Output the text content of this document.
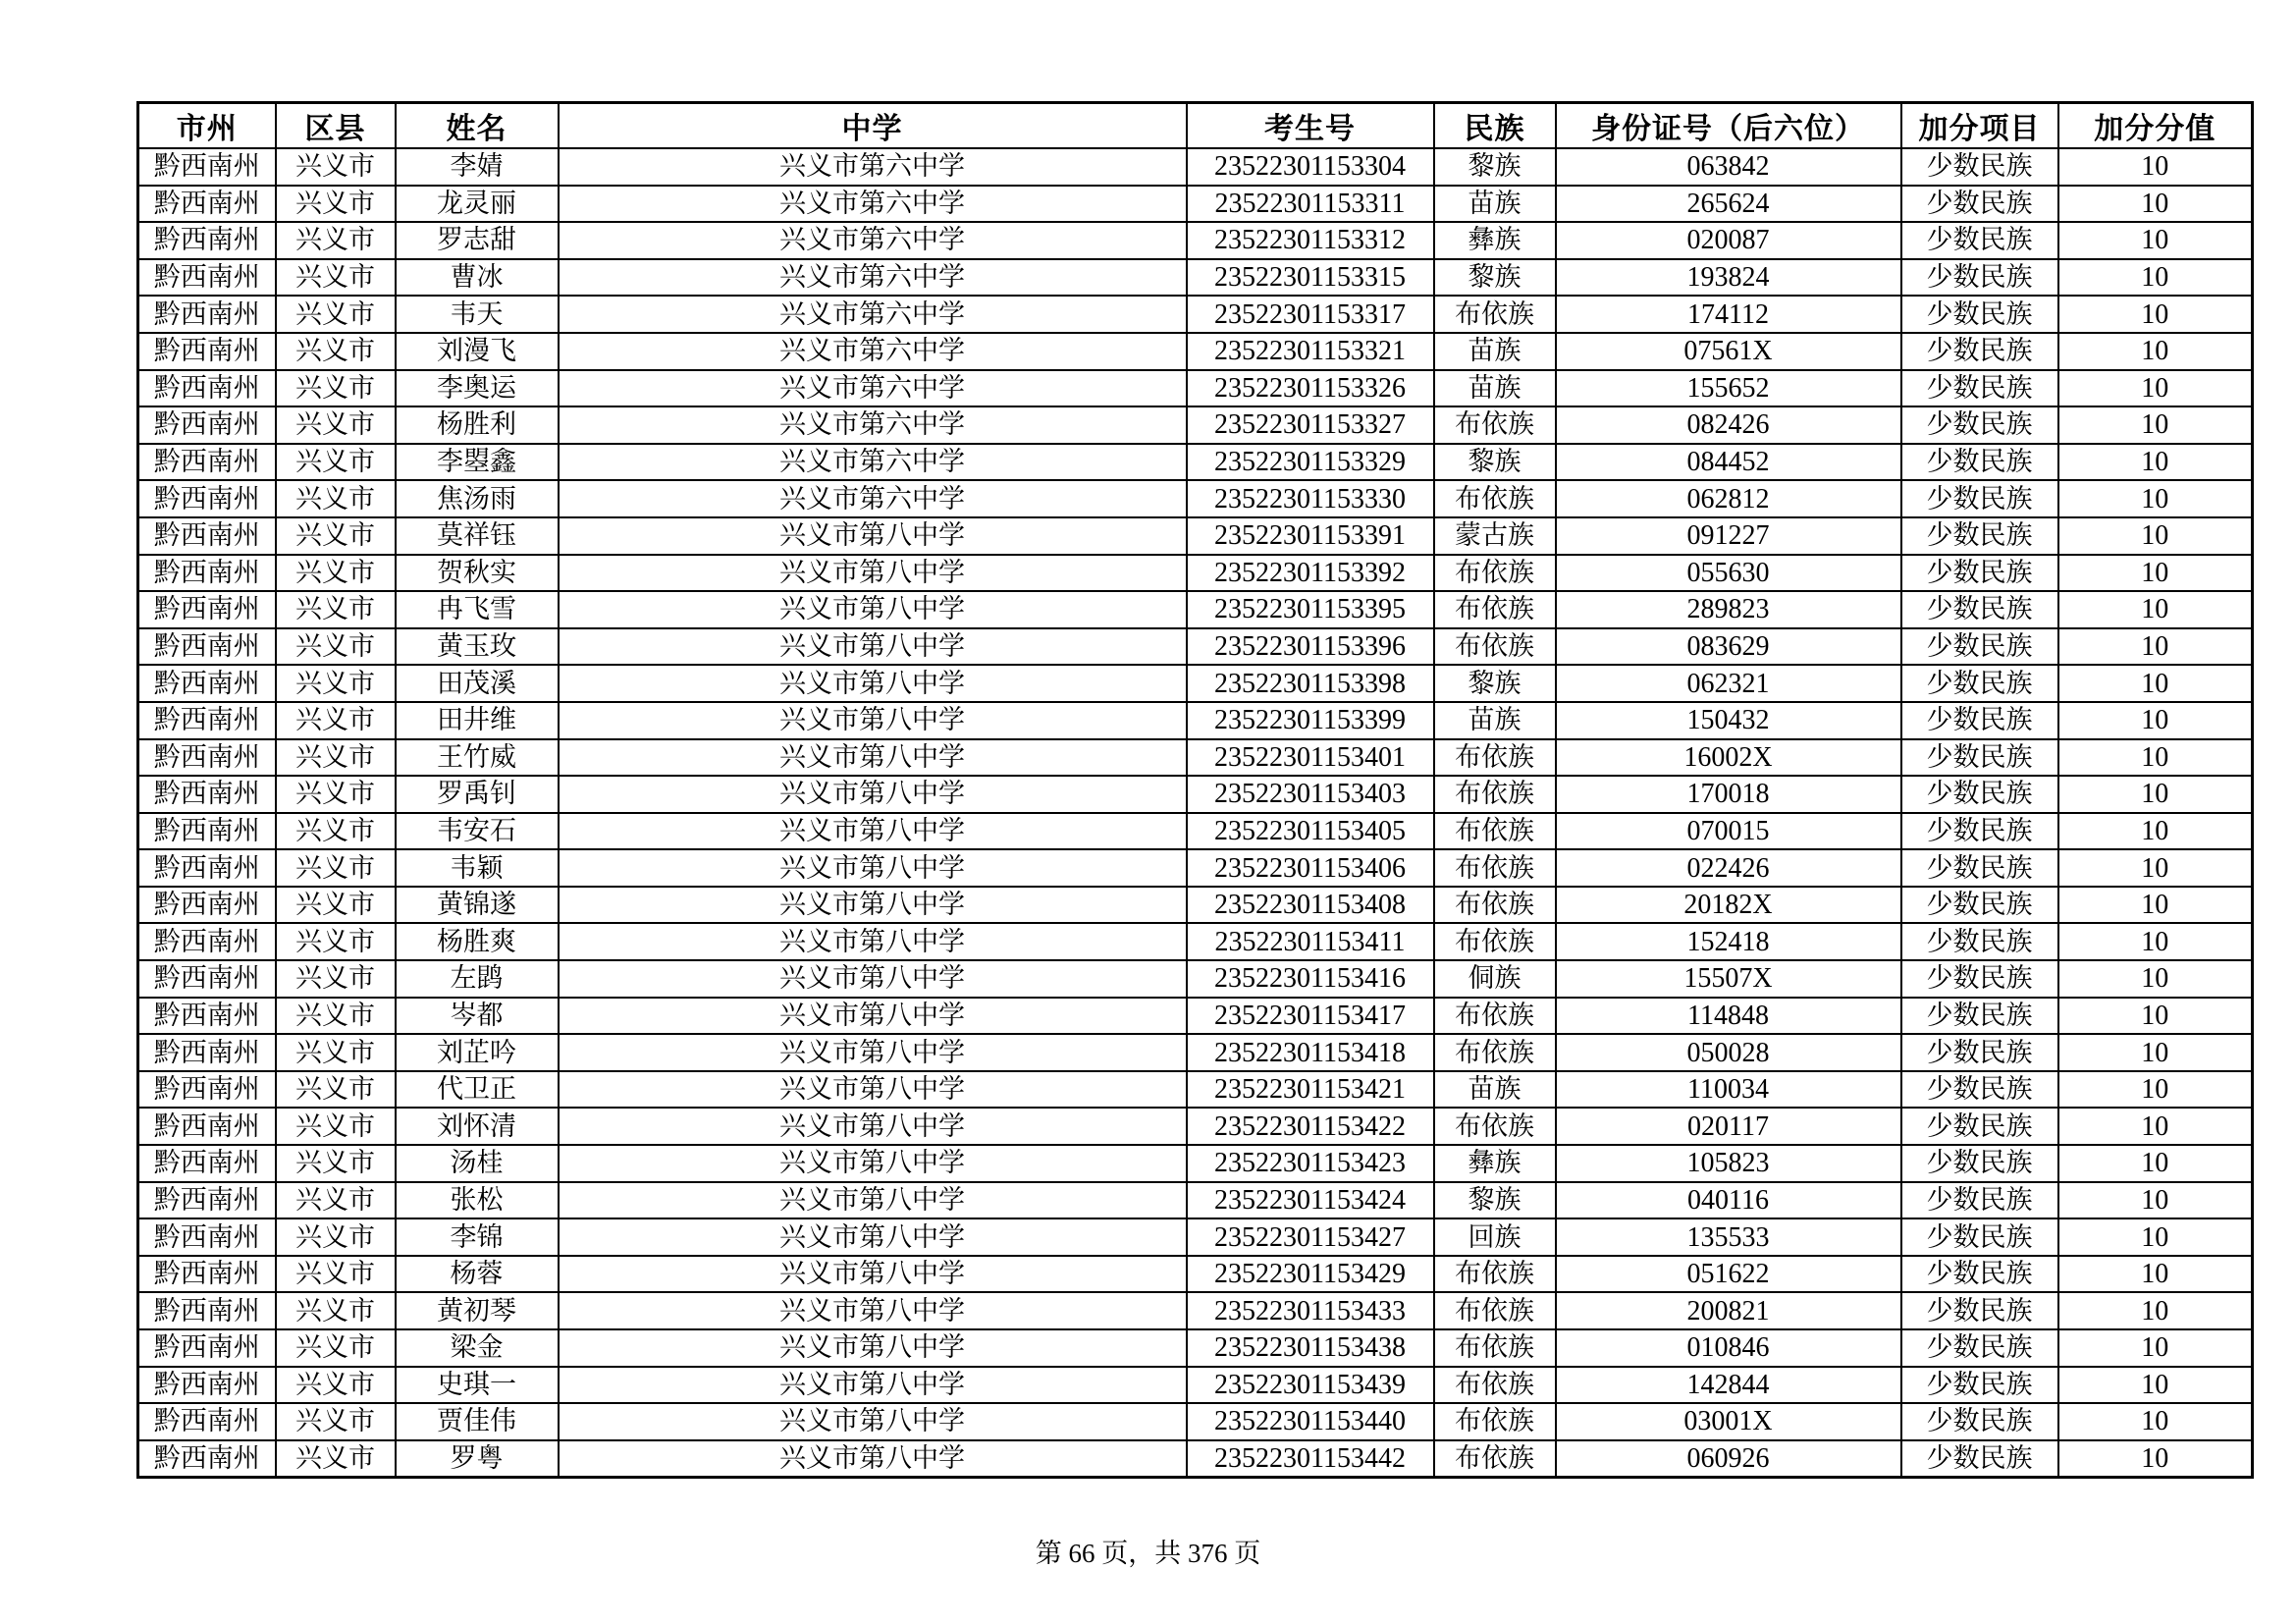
市州	区县	姓名	中学	考生号	民族	身份证号（后六位）	加分项目	加分分值
黔西南州	兴义市	李婧	兴义市第六中学	23522301153304	黎族	063842	少数民族	10
黔西南州	兴义市	龙灵丽	兴义市第六中学	23522301153311	苗族	265624	少数民族	10
黔西南州	兴义市	罗志甜	兴义市第六中学	23522301153312	彝族	020087	少数民族	10
黔西南州	兴义市	曹冰	兴义市第六中学	23522301153315	黎族	193824	少数民族	10
黔西南州	兴义市	韦天	兴义市第六中学	23522301153317	布依族	174112	少数民族	10
黔西南州	兴义市	刘漫飞	兴义市第六中学	23522301153321	苗族	07561X	少数民族	10
黔西南州	兴义市	李奥运	兴义市第六中学	23522301153326	苗族	155652	少数民族	10
黔西南州	兴义市	杨胜利	兴义市第六中学	23522301153327	布依族	082426	少数民族	10
黔西南州	兴义市	李曌鑫	兴义市第六中学	23522301153329	黎族	084452	少数民族	10
黔西南州	兴义市	焦汤雨	兴义市第六中学	23522301153330	布依族	062812	少数民族	10
黔西南州	兴义市	莫祥钰	兴义市第八中学	23522301153391	蒙古族	091227	少数民族	10
黔西南州	兴义市	贺秋实	兴义市第八中学	23522301153392	布依族	055630	少数民族	10
黔西南州	兴义市	冉飞雪	兴义市第八中学	23522301153395	布依族	289823	少数民族	10
黔西南州	兴义市	黄玉玫	兴义市第八中学	23522301153396	布依族	083629	少数民族	10
黔西南州	兴义市	田茂溪	兴义市第八中学	23522301153398	黎族	062321	少数民族	10
黔西南州	兴义市	田井维	兴义市第八中学	23522301153399	苗族	150432	少数民族	10
黔西南州	兴义市	王竹威	兴义市第八中学	23522301153401	布依族	16002X	少数民族	10
黔西南州	兴义市	罗禹钊	兴义市第八中学	23522301153403	布依族	170018	少数民族	10
黔西南州	兴义市	韦安石	兴义市第八中学	23522301153405	布依族	070015	少数民族	10
黔西南州	兴义市	韦颖	兴义市第八中学	23522301153406	布依族	022426	少数民族	10
黔西南州	兴义市	黄锦遂	兴义市第八中学	23522301153408	布依族	20182X	少数民族	10
黔西南州	兴义市	杨胜爽	兴义市第八中学	23522301153411	布依族	152418	少数民族	10
黔西南州	兴义市	左鹍	兴义市第八中学	23522301153416	侗族	15507X	少数民族	10
黔西南州	兴义市	岑都	兴义市第八中学	23522301153417	布依族	114848	少数民族	10
黔西南州	兴义市	刘芷吟	兴义市第八中学	23522301153418	布依族	050028	少数民族	10
黔西南州	兴义市	代卫正	兴义市第八中学	23522301153421	苗族	110034	少数民族	10
黔西南州	兴义市	刘怀清	兴义市第八中学	23522301153422	布依族	020117	少数民族	10
黔西南州	兴义市	汤桂	兴义市第八中学	23522301153423	彝族	105823	少数民族	10
黔西南州	兴义市	张松	兴义市第八中学	23522301153424	黎族	040116	少数民族	10
黔西南州	兴义市	李锦	兴义市第八中学	23522301153427	回族	135533	少数民族	10
黔西南州	兴义市	杨蓉	兴义市第八中学	23522301153429	布依族	051622	少数民族	10
黔西南州	兴义市	黄初琴	兴义市第八中学	23522301153433	布依族	200821	少数民族	10
黔西南州	兴义市	梁金	兴义市第八中学	23522301153438	布依族	010846	少数民族	10
黔西南州	兴义市	史琪一	兴义市第八中学	23522301153439	布依族	142844	少数民族	10
黔西南州	兴义市	贾佳伟	兴义市第八中学	23522301153440	布依族	03001X	少数民族	10
黔西南州	兴义市	罗粤	兴义市第八中学	23522301153442	布依族	060926	少数民族	10
第 66 页，共 376 页
